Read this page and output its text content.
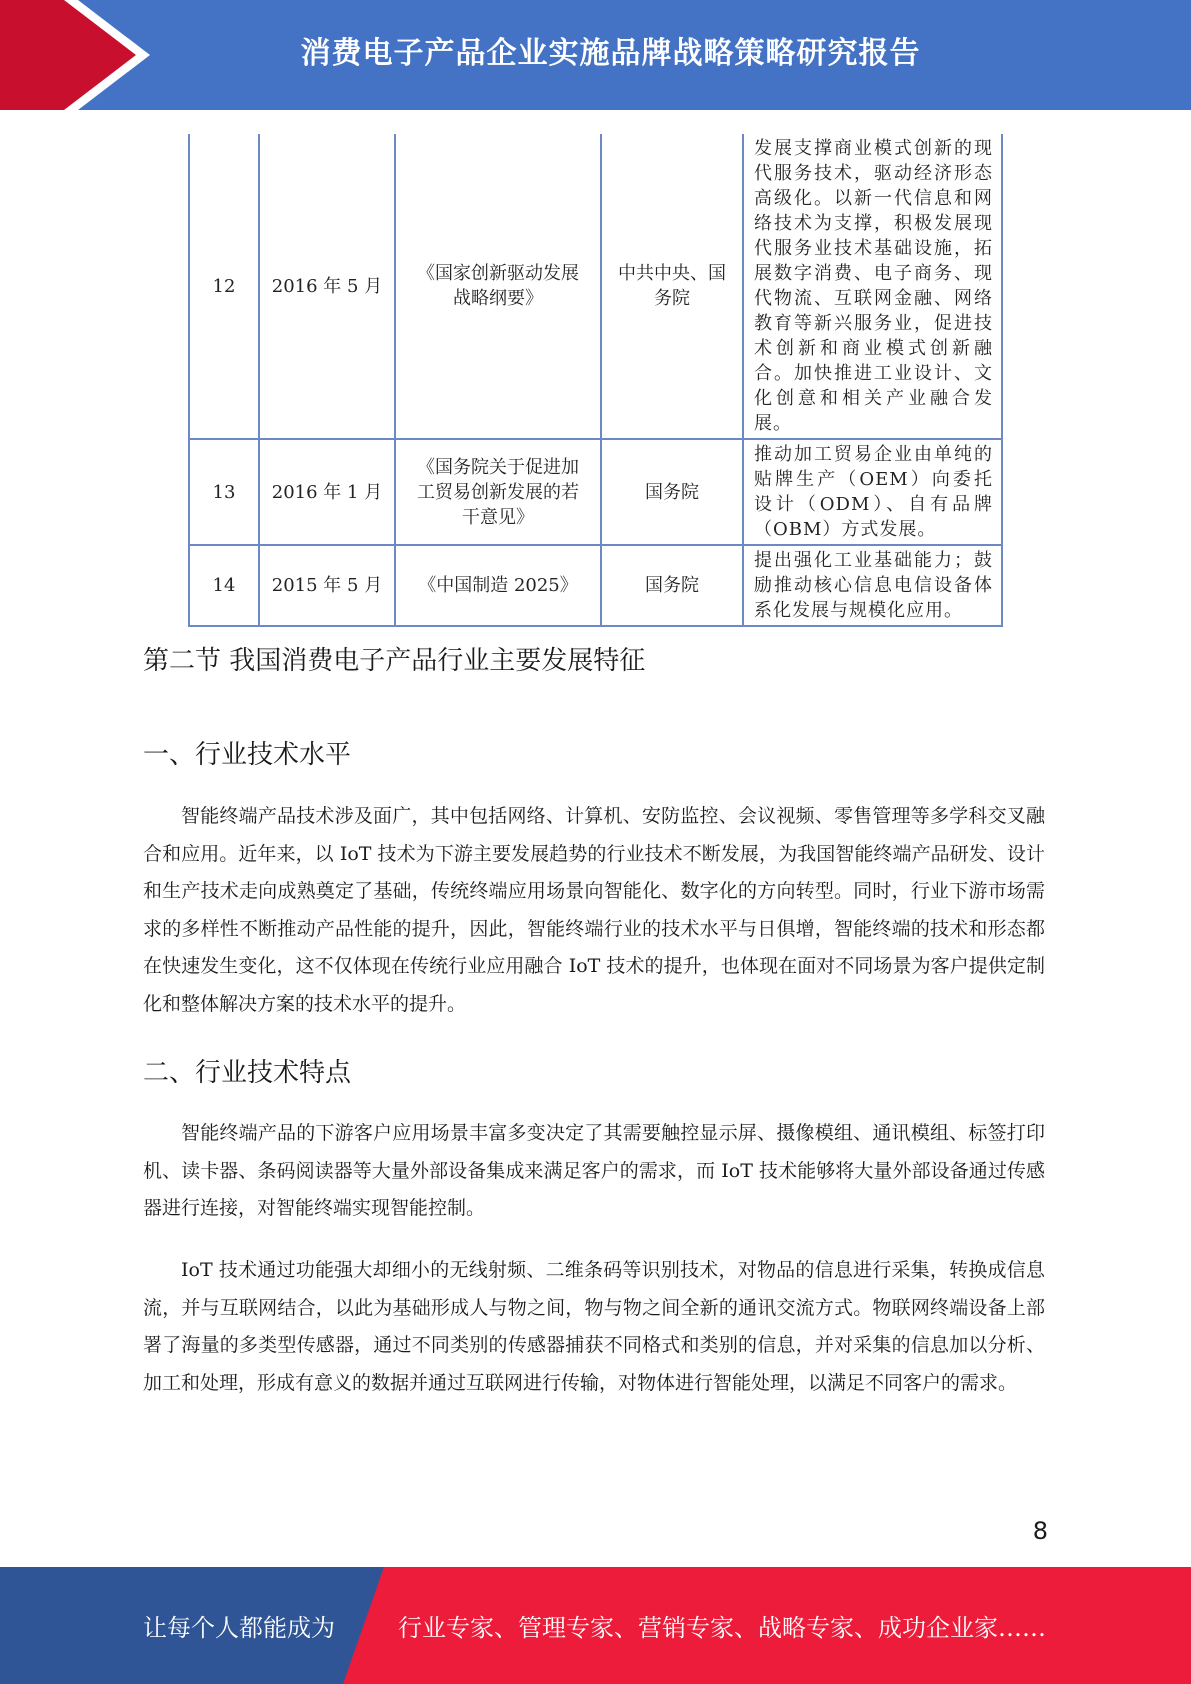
消费电子产品企业实施品牌战略策略研究报告
12	2016 年 5 月	《国家创新驱动发展战略纲要》	中共中央、国务院	发展支撑商业模式创新的现代服务技术，驱动经济形态高级化。以新一代信息和网络技术为支撑，积极发展现代服务业技术基础设施，拓展数字消费、电子商务、现代物流、互联网金融、网络教育等新兴服务业，促进技术创新和商业模式创新融合。加快推进工业设计、文化创意和相关产业融合发展。
13	2016 年 1 月	《国务院关于促进加工贸易创新发展的若干意见》	国务院	推动加工贸易企业由单纯的贴牌生产（OEM）向委托设计（ODM）、自有品牌（OBM）方式发展。
14	2015 年 5 月	《中国制造 2025》	国务院	提出强化工业基础能力；鼓励推动核心信息电信设备体系化发展与规模化应用。
第二节 我国消费电子产品行业主要发展特征
一、行业技术水平

智能终端产品技术涉及面广，其中包括网络、计算机、安防监控、会议视频、零售管理等多学科交叉融合和应用。近年来，以 IoT 技术为下游主要发展趋势的行业技术不断发展，为我国智能终端产品研发、设计和生产技术走向成熟奠定了基础，传统终端应用场景向智能化、数字化的方向转型。同时，行业下游市场需求的多样性不断推动产品性能的提升，因此，智能终端行业的技术水平与日俱增，智能终端的技术和形态都在快速发生变化，这不仅体现在传统行业应用融合 IoT 技术的提升，也体现在面对不同场景为客户提供定制化和整体解决方案的技术水平的提升。

二、行业技术特点

智能终端产品的下游客户应用场景丰富多变决定了其需要触控显示屏、摄像模组、通讯模组、标签打印机、读卡器、条码阅读器等大量外部设备集成来满足客户的需求，而 IoT 技术能够将大量外部设备通过传感器进行连接，对智能终端实现智能控制。

IoT 技术通过功能强大却细小的无线射频、二维条码等识别技术，对物品的信息进行采集，转换成信息流，并与互联网结合，以此为基础形成人与物之间，物与物之间全新的通讯交流方式。物联网终端设备上部署了海量的多类型传感器，通过不同类别的传感器捕获不同格式和类别的信息，并对采集的信息加以分析、加工和处理，形成有意义的数据并通过互联网进行传输，对物体进行智能处理，以满足不同客户的需求。

8
让每个人都能成为	行业专家、管理专家、营销专家、战略专家、成功企业家……
